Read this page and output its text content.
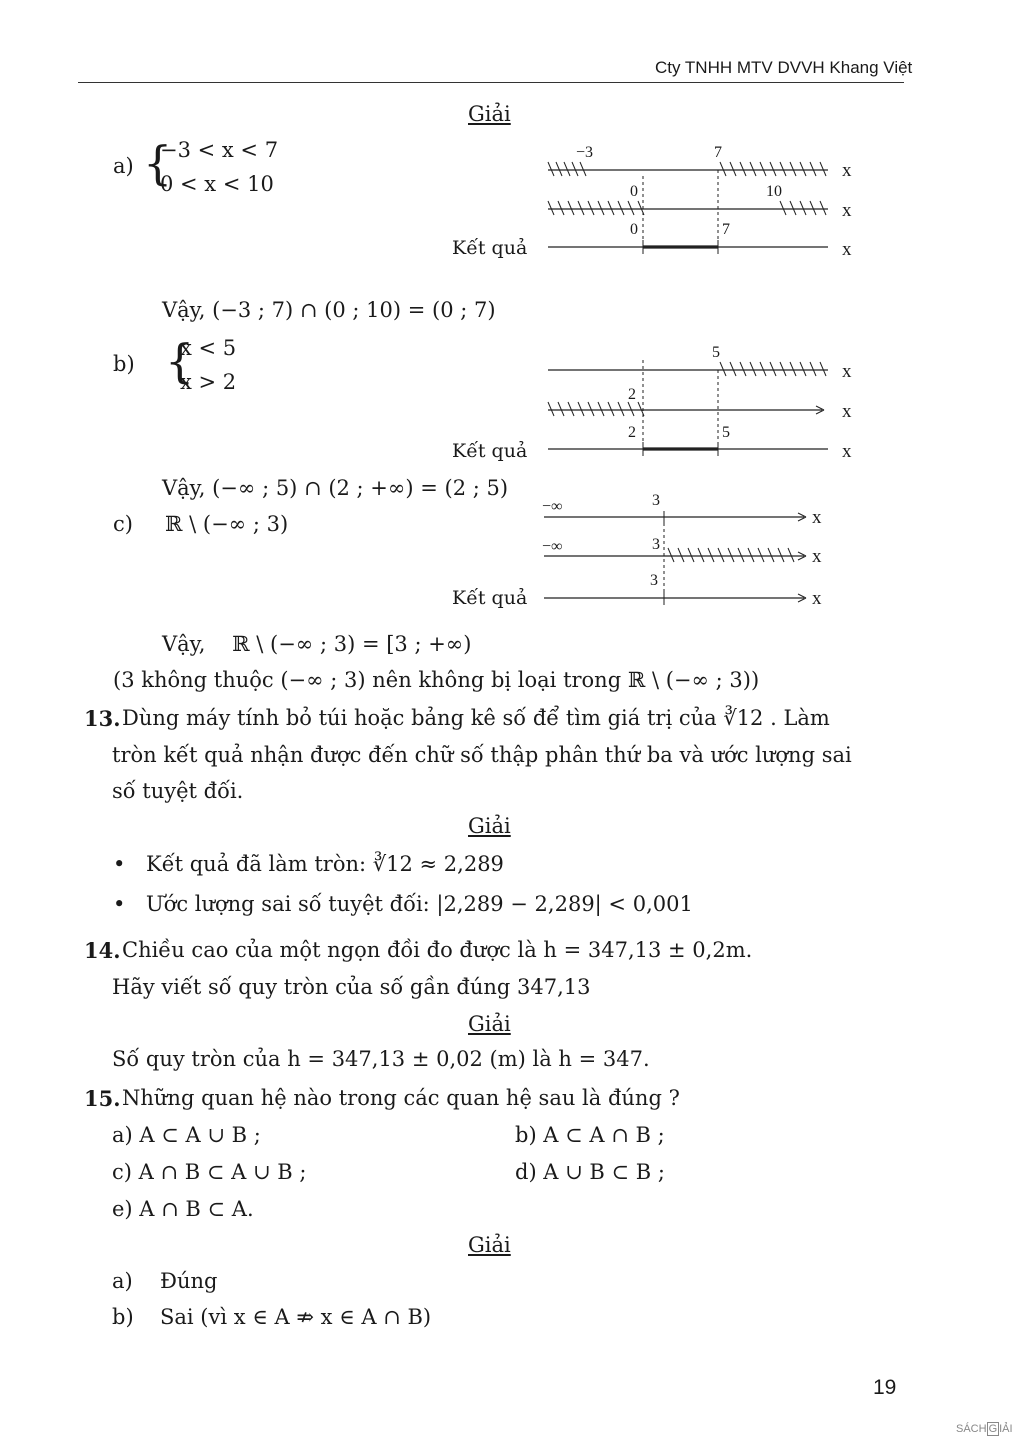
Cty TNHH MTV DVVH Khang Việt
Giải
a) {
−3 < x < 7
0 < x < 10
−3	7
0	10
0	7
x
x
x
Kết quả
Vậy, (−3 ; 7) ∩ (0 ; 10) = (0 ; 7)
b) {
x < 5
x > 2
5
2
2	5
x
x
x
Kết quả
Vậy, (−∞ ; 5) ∩ (2 ; +∞) = (2 ; 5)
c) ℝ \ (−∞ ; 3)
−∞	3
−∞	3
3
x
x
x
Kết quả
Vậy,    ℝ \ (−∞ ; 3) = [3 ; +∞)
(3 không thuộc (−∞ ; 3) nên không bị loại trong ℝ \ (−∞ ; 3))
13. Dùng máy tính bỏ túi hoặc bảng kê số để tìm giá trị của ∛12 . Làm
tròn kết quả nhận được đến chữ số thập phân thứ ba và ước lượng sai
số tuyệt đối.
Giải
• Kết quả đã làm tròn: ∛12 ≈ 2,289
• Ước lượng sai số tuyệt đối: |2,289 − 2,289| < 0,001
14. Chiều cao của một ngọn đồi đo được là h = 347,13 ± 0,2m.
Hãy viết số quy tròn của số gần đúng 347,13
Giải
Số quy tròn của h = 347,13 ± 0,02 (m) là h = 347.
15. Những quan hệ nào trong các quan hệ sau là đúng ?
a) A ⊂ A ∪ B ;	b) A ⊂ A ∩ B ;
c) A ∩ B ⊂ A ∪ B ;	d) A ∪ B ⊂ B ;
e) A ∩ B ⊂ A.
Giải
a) Đúng
b) Sai (vì x ∈ A ⇏ x ∈ A ∩ B)
19
SÁCH G IẢI
